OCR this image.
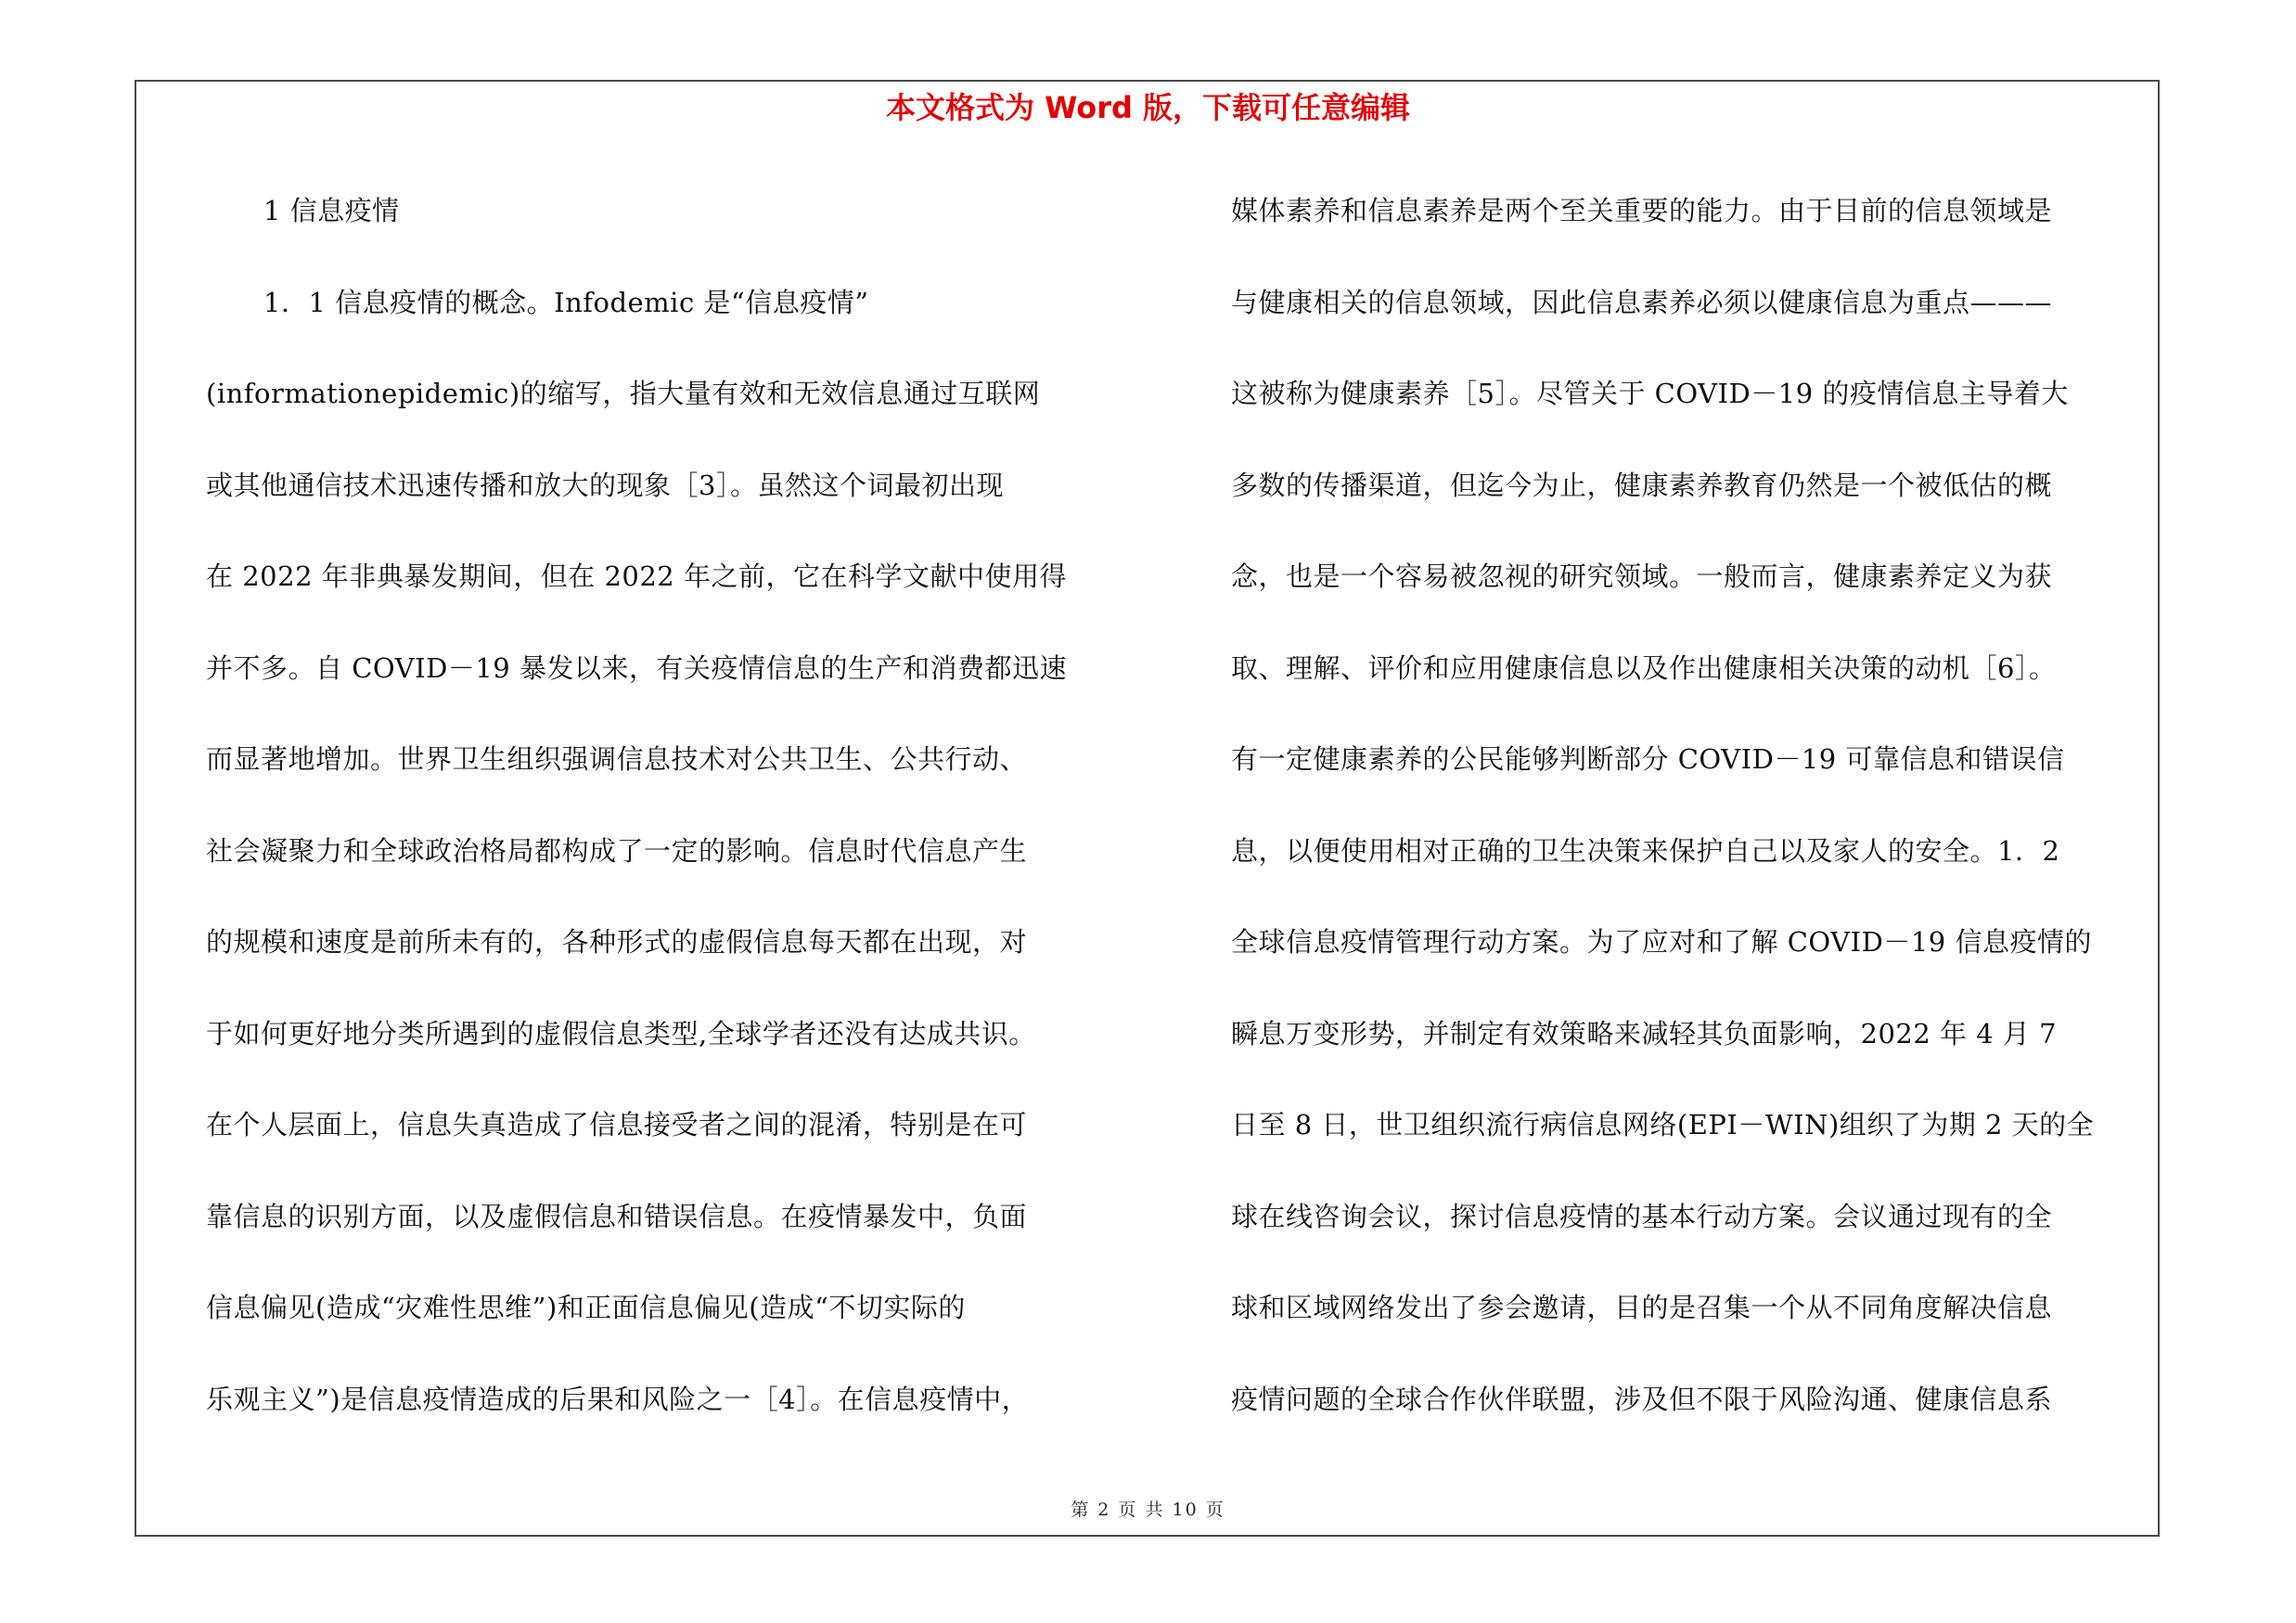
本文格式为 Word 版，下载可任意编辑
1 信息疫情
1．1 信息疫情的概念。Infodemic 是“信息疫情”
(informationepidemic)的缩写，指大量有效和无效信息通过互联网
或其他通信技术迅速传播和放大的现象［3］。虽然这个词最初出现
在 2022 年非典暴发期间，但在 2022 年之前，它在科学文献中使用得
并不多。自 COVID－19 暴发以来，有关疫情信息的生产和消费都迅速
而显著地增加。世界卫生组织强调信息技术对公共卫生、公共行动、
社会凝聚力和全球政治格局都构成了一定的影响。信息时代信息产生
的规模和速度是前所未有的，各种形式的虚假信息每天都在出现，对
于如何更好地分类所遇到的虚假信息类型,全球学者还没有达成共识。
在个人层面上，信息失真造成了信息接受者之间的混淆，特别是在可
靠信息的识别方面，以及虚假信息和错误信息。在疫情暴发中，负面
信息偏见(造成“灾难性思维”)和正面信息偏见(造成“不切实际的
乐观主义”)是信息疫情造成的后果和风险之一［4］。在信息疫情中，
媒体素养和信息素养是两个至关重要的能力。由于目前的信息领域是
与健康相关的信息领域，因此信息素养必须以健康信息为重点———
这被称为健康素养［5］。尽管关于 COVID－19 的疫情信息主导着大
多数的传播渠道，但迄今为止，健康素养教育仍然是一个被低估的概
念，也是一个容易被忽视的研究领域。一般而言，健康素养定义为获
取、理解、评价和应用健康信息以及作出健康相关决策的动机［6］。
有一定健康素养的公民能够判断部分 COVID－19 可靠信息和错误信
息，以便使用相对正确的卫生决策来保护自己以及家人的安全。1．2
全球信息疫情管理行动方案。为了应对和了解 COVID－19 信息疫情的
瞬息万变形势，并制定有效策略来减轻其负面影响，2022 年 4 月 7
日至 8 日，世卫组织流行病信息网络(EPI－WIN)组织了为期 2 天的全
球在线咨询会议，探讨信息疫情的基本行动方案。会议通过现有的全
球和区域网络发出了参会邀请，目的是召集一个从不同角度解决信息
疫情问题的全球合作伙伴联盟，涉及但不限于风险沟通、健康信息系
第 2 页 共 10 页
